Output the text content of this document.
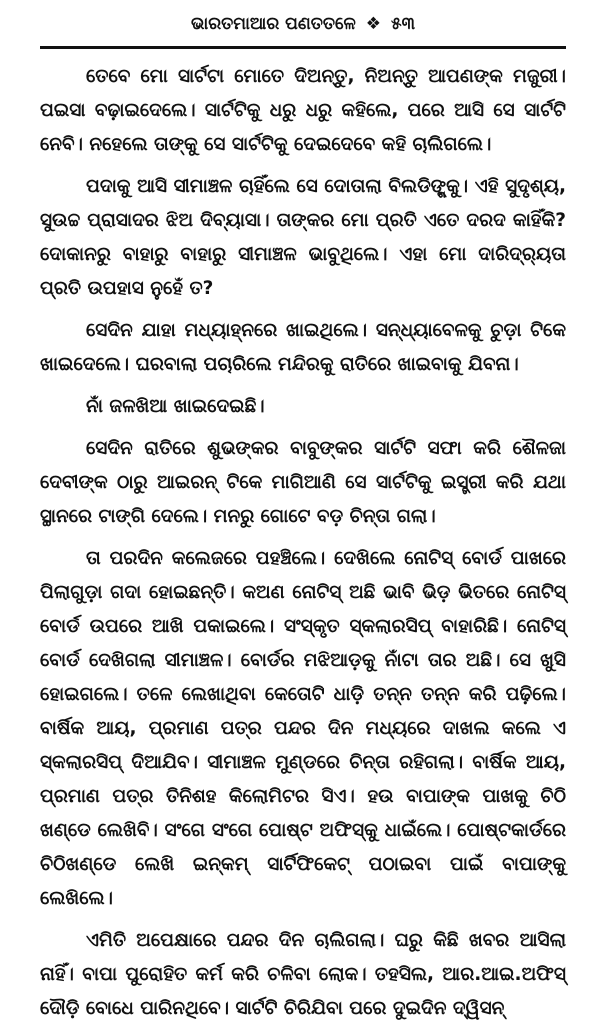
ଭାରତମାଆର ପଣତତଳେ ❖ ୫୩

ତେବେ ମୋ ସାର୍ଟଟା ମୋତେ ଦିଅନ୍ତୁ, ନିଅନ୍ତୁ ଆପଣଙ୍କ ମଜୁରୀ। ପଇସା ବଢ଼ାଇଦେଲେ। ସାର୍ଟଟିକୁ ଧରୁ ଧରୁ କହିଲେ, ପରେ ଆସି ସେ ସାର୍ଟଟି ନେବି। ନହେଲେ ତାଙ୍କୁ ସେ ସାର୍ଟଟିକୁ ଦେଇଦେବେ କହି ଚାଲିଗଲେ।

ପଦାକୁ ଆସି ସୀମାଞ୍ଚଳ ଚାହିଁଲେ ସେ ଦୋତାଲା ବିଲଡିଙ୍ଗ୍କୁ। ଏହି ସୁଦୃଶ୍ୟ, ସୁଉଚ୍ଚ ପ୍ରାସାଦର ଝିଅ ଦିବ୍ୟାସା। ତାଙ୍କର ମୋ ପ୍ରତି ଏତେ ଦରଦ କାହିଁକି? ଦୋକାନରୁ ବାହାରୁ ବାହାରୁ ସୀମାଞ୍ଚଳ ଭାବୁଥିଲେ। ଏହା ମୋ ଦାରିଦ୍ର୍ୟତା ପ୍ରତି ଉପହାସ ନୁହେଁ ତ?

ସେଦିନ ଯାହା ମଧ୍ୟାହ୍ନରେ ଖାଇଥିଲେ। ସନ୍ଧ୍ୟାବେଳକୁ ଚୁଡ଼ା ଟିକେ ଖାଇଦେଲେ। ଘରବାଲା ପଚାରିଲେ ମନ୍ଦିରକୁ ରାତିରେ ଖାଇବାକୁ ଯିବନା।

ନାଁ ଜଳଖିଆ ଖାଇଦେଇଛି।

ସେଦିନ ରାତିରେ ଶୁଭଙ୍କର ବାବୁଙ୍କର ସାର୍ଟଟି ସଫା କରି ଶୈଳଜା ଦେବୀଙ୍କ ଠାରୁ ଆଇରନ୍ ଟିକେ ମାଗିଆଣି ସେ ସାର୍ଟଟିକୁ ଇସ୍ତ୍ରୀ କରି ଯଥା ସ୍ଥାନରେ ଟାଙ୍ଗି ଦେଲେ। ମନରୁ ଗୋଟେ ବଡ଼ ଚିନ୍ତା ଗଲା।

ତା ପରଦିନ କଲେଜରେ ପହଞ୍ଚିଲେ। ଦେଖିଲେ ନୋଟିସ୍ ବୋର୍ଡ ପାଖରେ ପିଲାଗୁଡ଼ା ଗଦା ହୋଇଛନ୍ତି। କଅଣ ନୋଟିସ୍ ଅଛି ଭାବି ଭିଡ଼ ଭିତରେ ନୋଟିସ୍ ବୋର୍ଡ ଉପରେ ଆଖି ପକାଇଲେ। ସଂସ୍କୃତ ସ୍କଲାରସିପ୍ ବାହାରିଛି। ନୋଟିସ୍ ବୋର୍ଡ ଦେଖିଗଲା ସୀମାଞ୍ଚଳ। ବୋର୍ଡର ମଝିଆଡ଼କୁ ନାଁଟା ତାର ଅଛି। ସେ ଖୁସି ହୋଇଗଲେ। ତଳେ ଲେଖାଥିବା କେତୋଟି ଧାଡ଼ି ତନ୍ନ ତନ୍ନ କରି ପଢ଼ିଲେ। ବାର୍ଷିକ ଆୟ, ପ୍ରମାଣ ପତ୍ର ପନ୍ଦର ଦିନ ମଧ୍ୟରେ ଦାଖଲ କଲେ ଏ ସ୍କଲାରସିପ୍ ଦିଆଯିବ। ସୀମାଞ୍ଚଳ ମୁଣ୍ଡରେ ଚିନ୍ତା ରହିଗଲା। ବାର୍ଷିକ ଆୟ, ପ୍ରମାଣ ପତ୍ର ତିନିଶହ କିଲୋମିଟର ସିଏ। ହଉ ବାପାଙ୍କ ପାଖକୁ ଚିଠି ଖଣ୍ଡେ ଲେଖିବି। ସଂଗେ ସଂଗେ ପୋଷ୍ଟ ଅଫିସ୍କୁ ଧାଇଁଲେ। ପୋଷ୍ଟକାର୍ଡରେ ଚିଠିଖଣ୍ଡେ ଲେଖି ଇନ୍କମ୍ ସାର୍ଟିଫିକେଟ୍ ପଠାଇବା ପାଇଁ ବାପାଙ୍କୁ ଲେଖିଲେ।

ଏମିତି ଅପେକ୍ଷାରେ ପନ୍ଦର ଦିନ ଚାଲିଗଲା। ଘରୁ କିଛି ଖବର ଆସିଲା ନାହିଁ। ବାପା ପୁରୋହିତ କର୍ମ କରି ଚଳିବା ଲୋକ। ତହସିଲ, ଆର.ଆଇ.ଅଫିସ୍ ଦୌଡ଼ି ବୋଧେ ପାରିନଥିବେ। ସାର୍ଟଟି ଚିରିଯିବା ପରେ ଦୁଇଦିନ ଦ୍ୱିସନ୍
